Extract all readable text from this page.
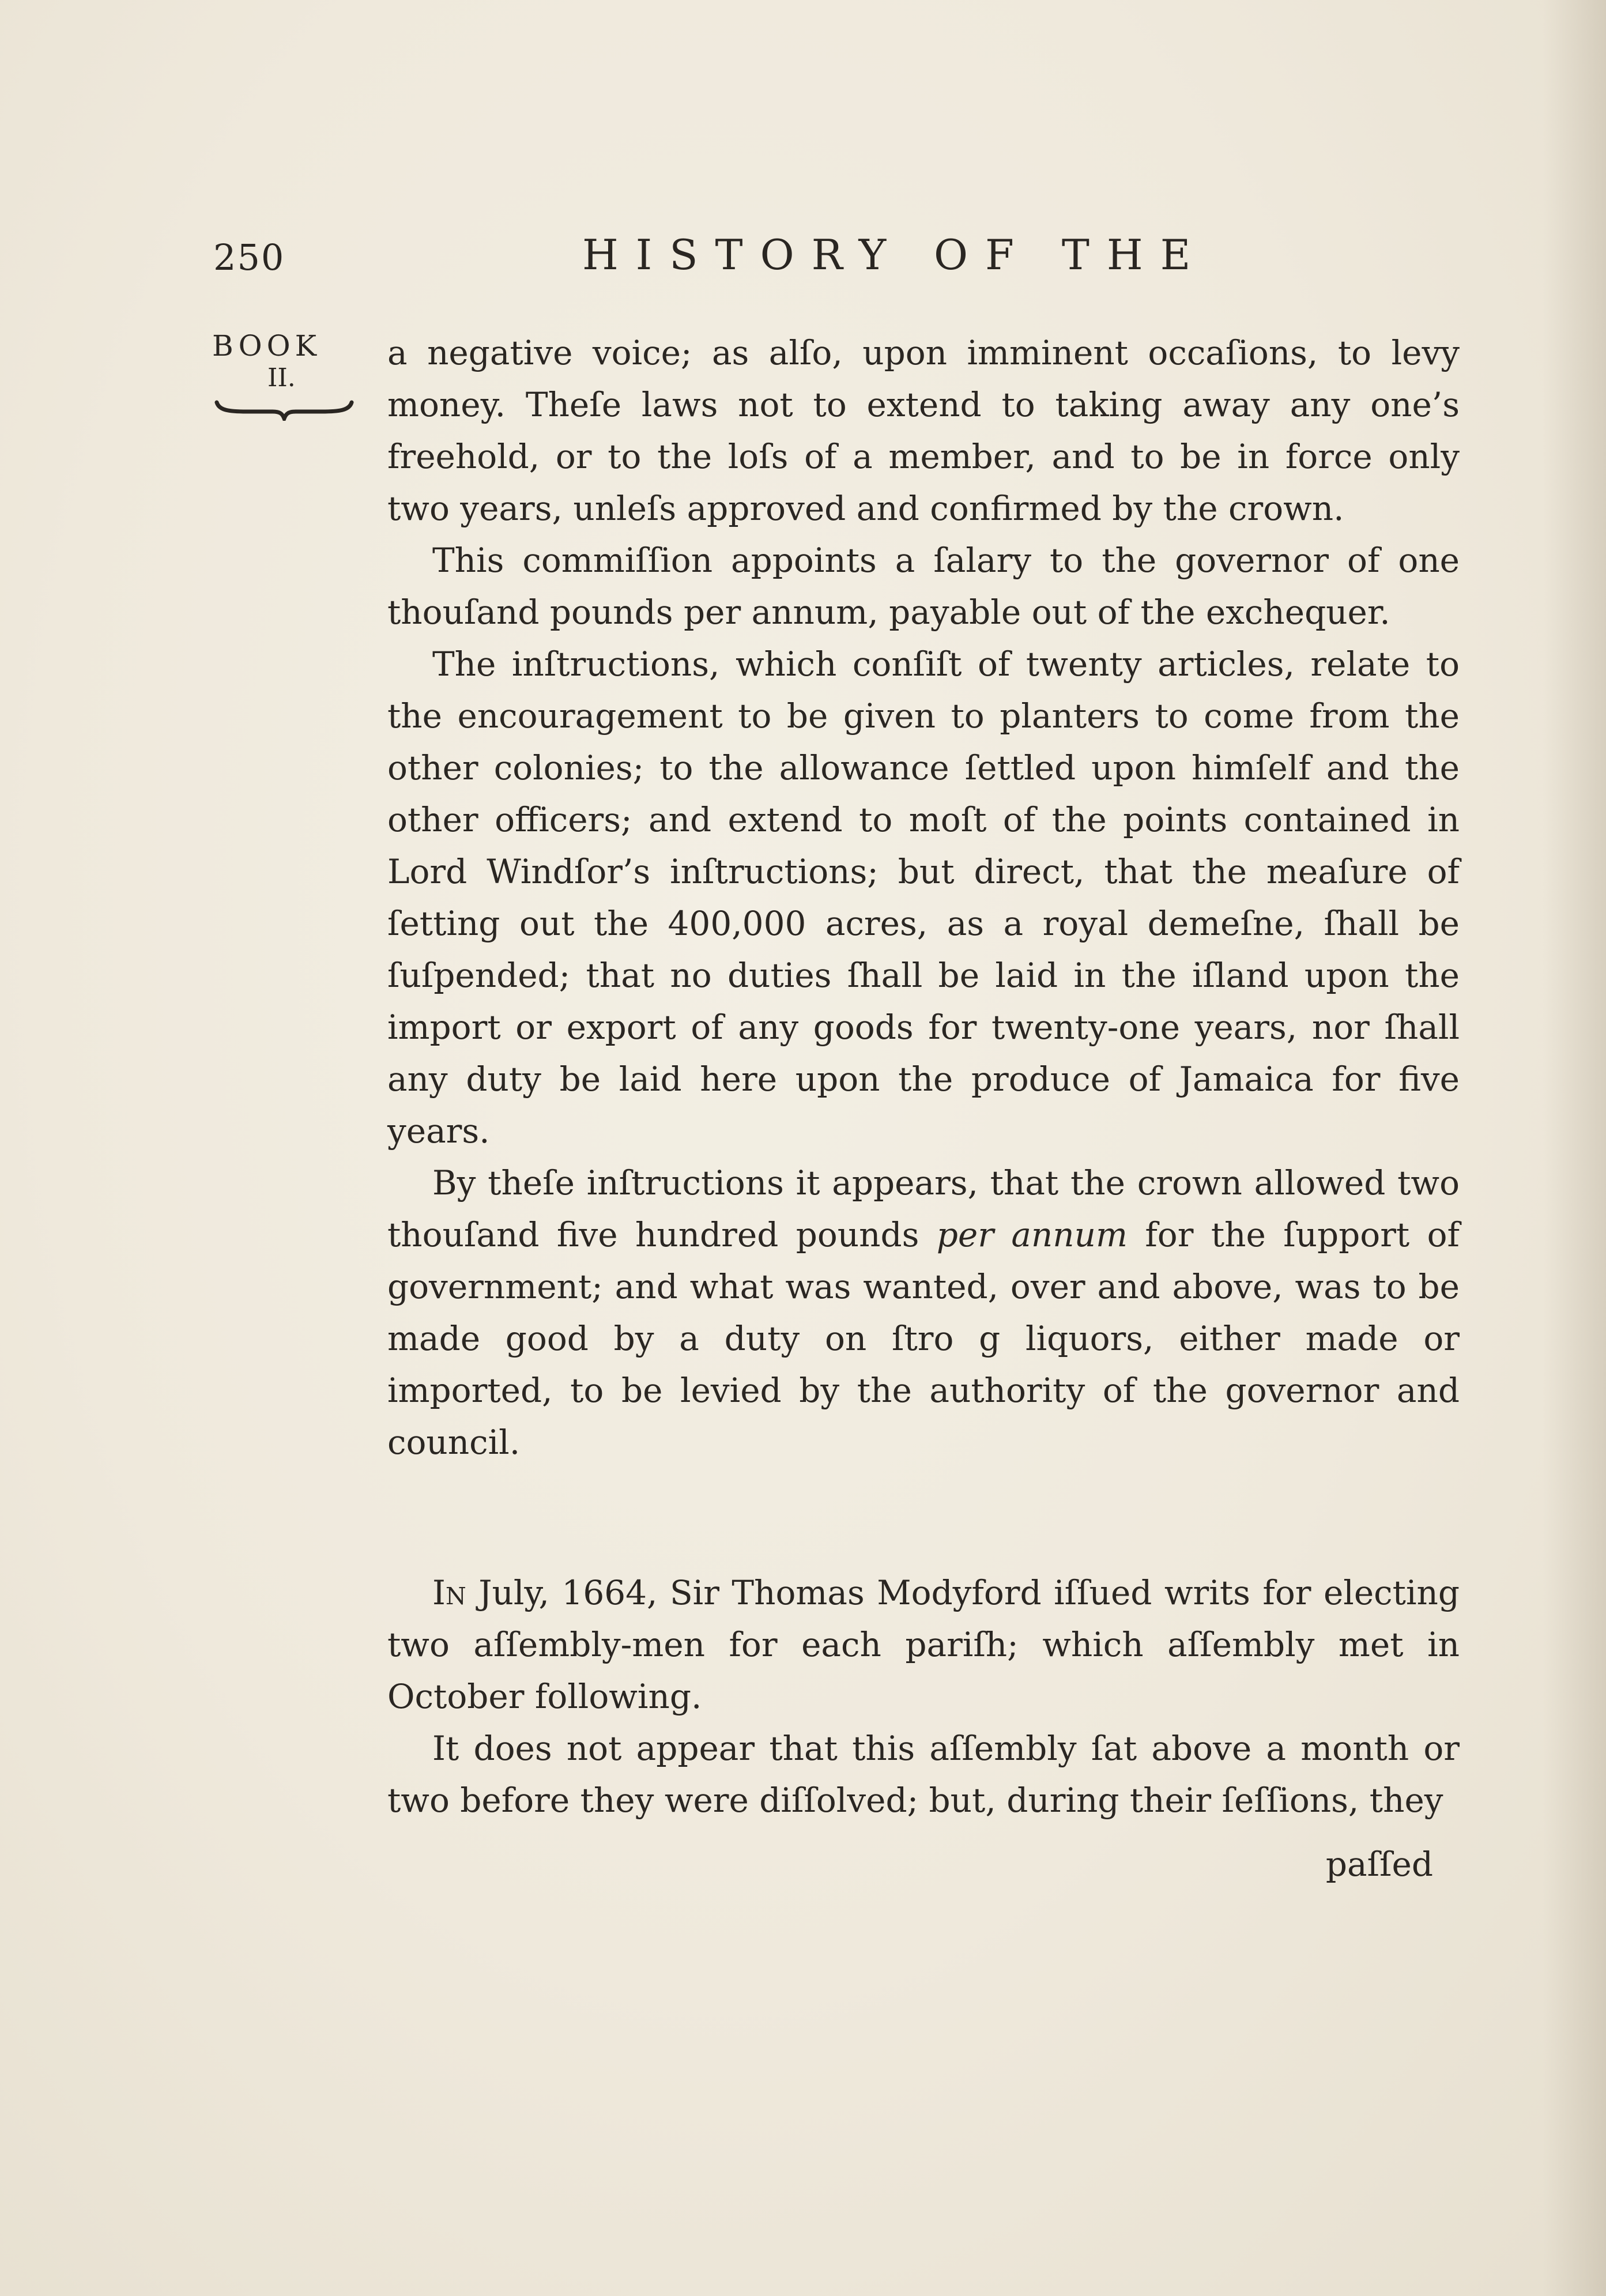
250	HISTORY OF THE
BOOK
II.

a negative voice; as alſo, upon imminent occaſions, to levy money. Theſe laws not to extend to taking away any one’s freehold, or to the loſs of a member, and to be in force only two years, unleſs approved and confirmed by the crown.

This commiſſion appoints a ſalary to the governor of one thouſand pounds per annum, payable out of the exchequer.

The inſtructions, which conſiſt of twenty articles, relate to the encouragement to be given to planters to come from the other colonies; to the allowance ſettled upon himſelf and the other officers; and extend to moſt of the points contained in Lord Windſor’s inſtructions; but direct, that the meaſure of ſetting out the 400,000 acres, as a royal demeſne, ſhall be ſuſpended; that no duties ſhall be laid in the iſland upon the import or export of any goods for twenty-one years, nor ſhall any duty be laid here upon the produce of Jamaica for five years.

By theſe inſtructions it appears, that the crown allowed two thouſand five hundred pounds per annum for the ſupport of government; and what was wanted, over and above, was to be made good by a duty on ſtro g liquors, either made or imported, to be levied by the authority of the governor and council.

In July, 1664, Sir Thomas Modyford iſſued writs for electing two aſſembly-men for each pariſh; which aſſembly met in October following.

It does not appear that this aſſembly ſat above a month or two before they were diſſolved; but, during their ſeſſions, they

paſſed
